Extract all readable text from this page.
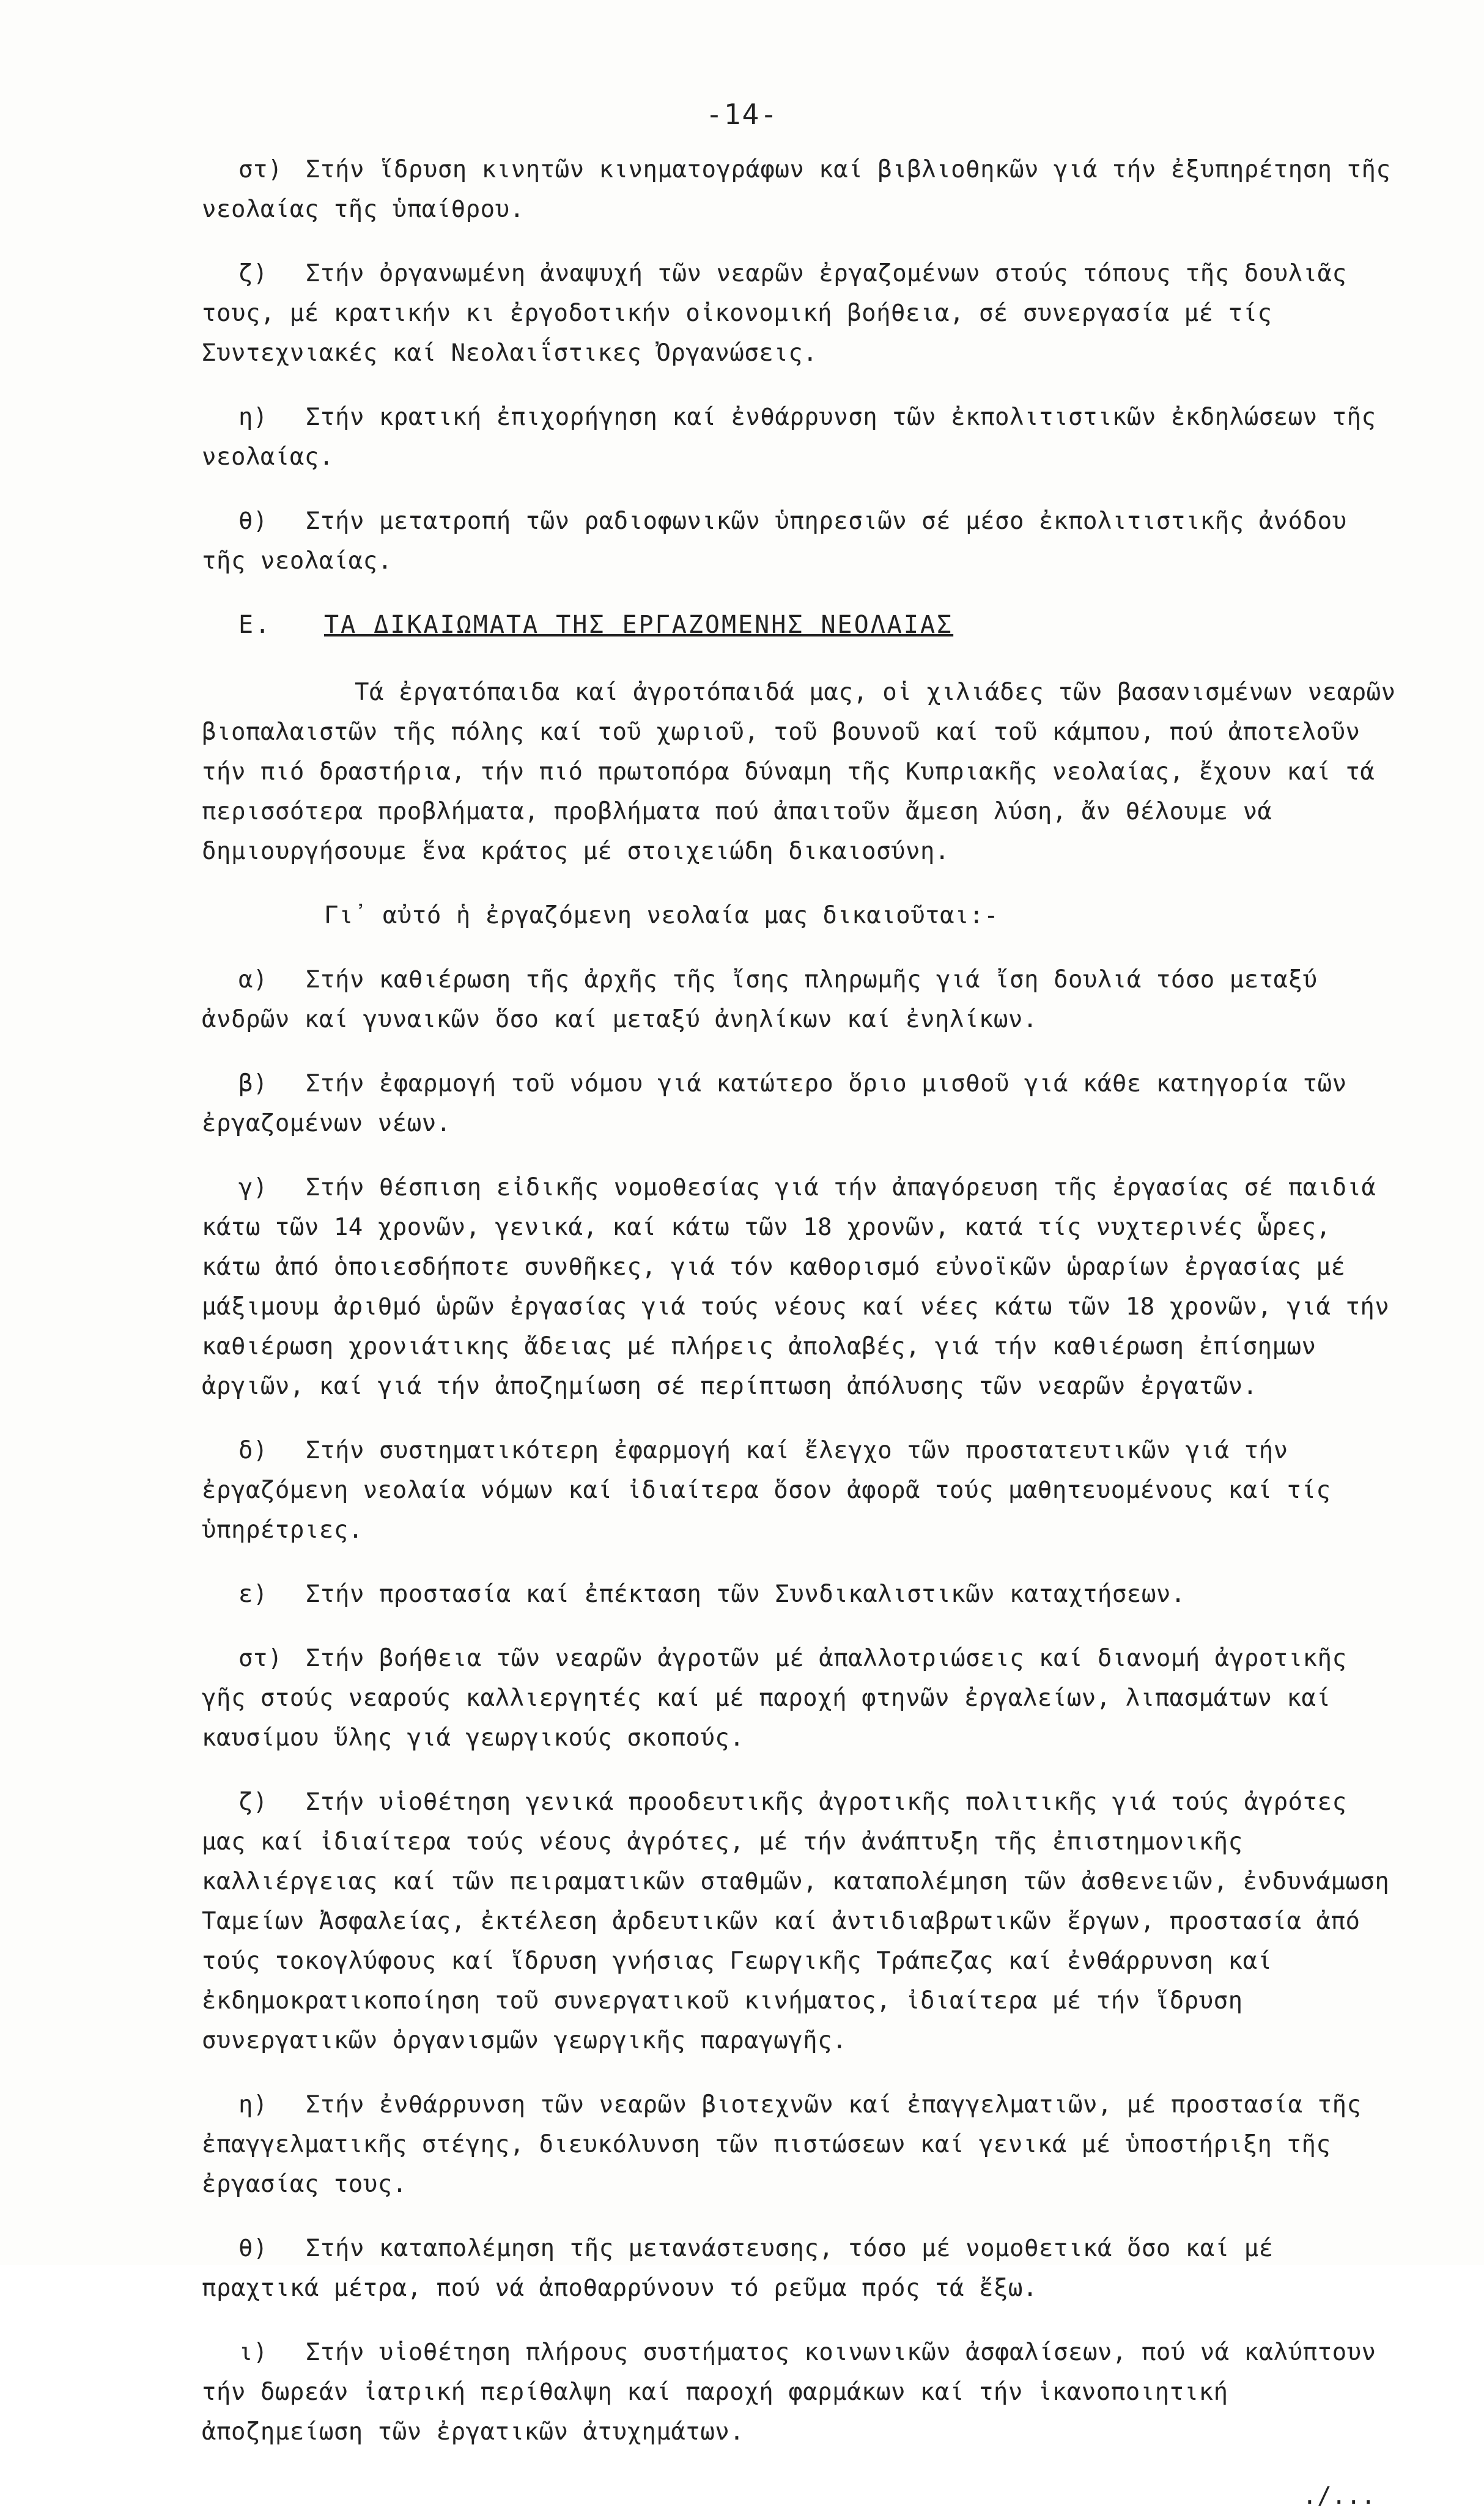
-14-
στ) Στήν ἵδρυση κινητῶν κινηματογράφων καί βιβλιοθηκῶν γιά τήν ἐξυπηρέτηση τῆς νεολαίας τῆς ὑπαίθρου.
ζ) Στήν ὀργανωμένη ἀναψυχή τῶν νεαρῶν ἐργαζομένων στούς τόπους τῆς δουλιᾶς τους, μέ κρατικήν κι ἐργοδοτικήν οἰκονομική βοήθεια, σέ συνεργασία μέ τίς Συντεχνιακές καί Νεολαιΐστικες Ὀργανώσεις.
η) Στήν κρατική ἐπιχορήγηση καί ἐνθάρρυνση τῶν ἐκπολιτιστικῶν ἐκδηλώσεων τῆς νεολαίας.
θ) Στήν μετατροπή τῶν ραδιοφωνικῶν ὑπηρεσιῶν σέ μέσο ἐκπολιτιστικῆς ἀνόδου τῆς νεολαίας.
Ε. ΤΑ ΔΙΚΑΙΩΜΑΤΑ ΤΗΣ ΕΡΓΑΖΟΜΕΝΗΣ ΝΕΟΛΑΙΑΣ

Τά ἐργατόπαιδα καί ἀγροτόπαιδά μας, οἱ χιλιάδες τῶν βασανισμένων νεαρῶν βιοπαλαιστῶν τῆς πόλης καί τοῦ χωριοῦ, τοῦ βουνοῦ καί τοῦ κάμπου, πού ἀποτελοῦν τήν πιό δραστήρια, τήν πιό πρωτοπόρα δύναμη τῆς Κυπριακῆς νεολαίας, ἔχουν καί τά περισσότερα προβλήματα, προβλήματα πού ἀπαιτοῦν ἄμεση λύση, ἄν θέλουμε νά δημιουργήσουμε ἕνα κράτος μέ στοιχειώδη δικαιοσύνη.

Γι᾽ αὐτό ἡ ἐργαζόμενη νεολαία μας δικαιοῦται:-

α) Στήν καθιέρωση τῆς ἀρχῆς τῆς ἴσης πληρωμῆς γιά ἴση δουλιά τόσο μεταξύ ἀνδρῶν καί γυναικῶν ὅσο καί μεταξύ ἀνηλίκων καί ἐνηλίκων.
β) Στήν ἐφαρμογή τοῦ νόμου γιά κατώτερο ὅριο μισθοῦ γιά κάθε κατηγορία τῶν ἐργαζομένων νέων.
γ) Στήν θέσπιση εἰδικῆς νομοθεσίας γιά τήν ἀπαγόρευση τῆς ἐργασίας σέ παιδιά κάτω τῶν 14 χρονῶν, γενικά, καί κάτω τῶν 18 χρονῶν, κατά τίς νυχτερινές ὧρες, κάτω ἀπό ὁποιεσδήποτε συνθῆκες, γιά τόν καθορισμό εὐνοϊκῶν ὡραρίων ἐργασίας μέ μάξιμουμ ἀριθμό ὡρῶν ἐργασίας γιά τούς νέους καί νέες κάτω τῶν 18 χρονῶν, γιά τήν καθιέρωση χρονιάτικης ἄδειας μέ πλήρεις ἀπολαβές, γιά τήν καθιέρωση ἐπίσημων ἀργιῶν, καί γιά τήν ἀποζημίωση σέ περίπτωση ἀπόλυσης τῶν νεαρῶν ἐργατῶν.
δ) Στήν συστηματικότερη ἐφαρμογή καί ἔλεγχο τῶν προστατευτικῶν γιά τήν ἐργαζόμενη νεολαία νόμων καί ἰδιαίτερα ὅσον ἀφορᾶ τούς μαθητευομένους καί τίς ὑπηρέτριες.
ε) Στήν προστασία καί ἐπέκταση τῶν Συνδικαλιστικῶν καταχτήσεων.
στ) Στήν βοήθεια τῶν νεαρῶν ἀγροτῶν μέ ἀπαλλοτριώσεις καί διανομή ἀγροτικῆς γῆς στούς νεαρούς καλλιεργητές καί μέ παροχή φτηνῶν ἐργαλείων, λιπασμάτων καί καυσίμου ὕλης γιά γεωργικούς σκοπούς.
ζ) Στήν υἱοθέτηση γενικά προοδευτικῆς ἀγροτικῆς πολιτικῆς γιά τούς ἀγρότες μας καί ἰδιαίτερα τούς νέους ἀγρότες, μέ τήν ἀνάπτυξη τῆς ἐπιστημονικῆς καλλιέργειας καί τῶν πειραματικῶν σταθμῶν, καταπολέμηση τῶν ἀσθενειῶν, ἐνδυνάμωση Ταμείων Ἀσφαλείας, ἐκτέλεση ἀρδευτικῶν καί ἀντιδιαβρωτικῶν ἔργων, προστασία ἀπό τούς τοκογλύφους καί ἵδρυση γνήσιας Γεωργικῆς Τράπεζας καί ἐνθάρρυνση καί ἐκδημοκρατικοποίηση τοῦ συνεργατικοῦ κινήματος, ἰδιαίτερα μέ τήν ἵδρυση συνεργατικῶν ὀργανισμῶν γεωργικῆς παραγωγῆς.
η) Στήν ἐνθάρρυνση τῶν νεαρῶν βιοτεχνῶν καί ἐπαγγελματιῶν, μέ προστασία τῆς ἐπαγγελματικῆς στέγης, διευκόλυνση τῶν πιστώσεων καί γενικά μέ ὑποστήριξη τῆς ἐργασίας τους.
θ) Στήν καταπολέμηση τῆς μετανάστευσης, τόσο μέ νομοθετικά ὅσο καί μέ πραχτικά μέτρα, πού νά ἀποθαρρύνουν τό ρεῦμα πρός τά ἔξω.
ι) Στήν υἱοθέτηση πλήρους συστήματος κοινωνικῶν ἀσφαλίσεων, πού νά καλύπτουν τήν δωρεάν ἰατρική περίθαλψη καί παροχή φαρμάκων καί τήν ἱκανοποιητική ἀποζημείωση τῶν ἐργατικῶν ἀτυχημάτων.

./...
